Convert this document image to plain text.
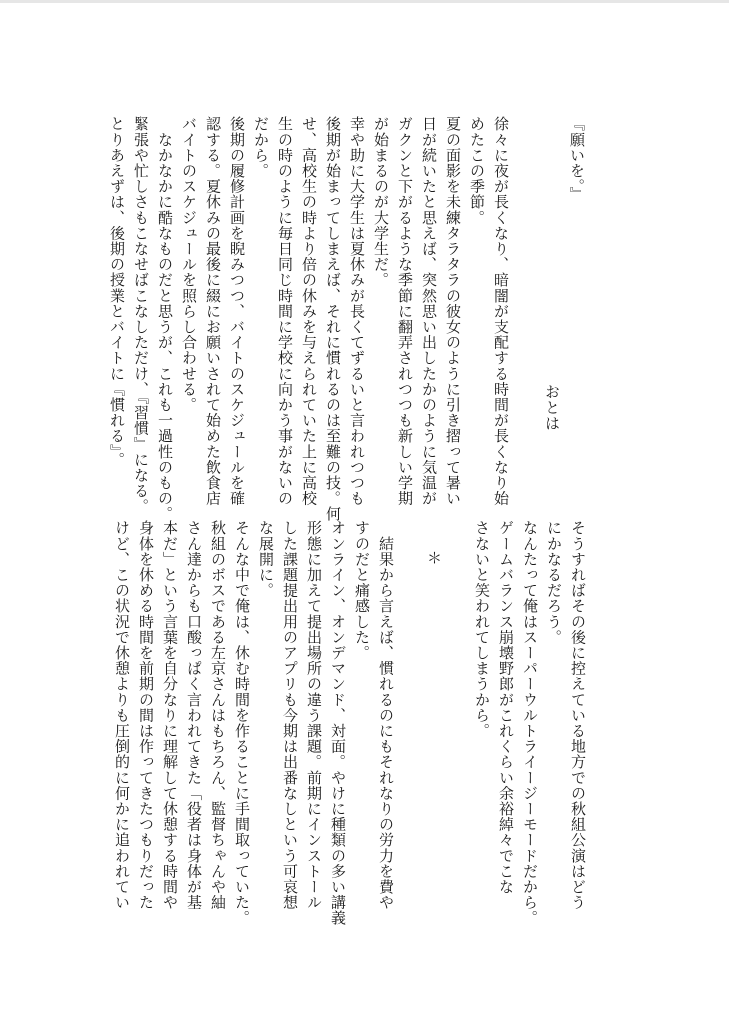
『願いを。』
おとは

徐々に夜が長くなり、暗闇が支配する時間が長くなり始

めたこの季節。

夏の面影を未練タラタラの彼女のように引き摺って暑い

日が続いたと思えば、突然思い出したかのように気温が

ガクンと下がるような季節に翻弄されつつも新しい学期

が始まるのが大学生だ。

幸や助に大学生は夏休みが長くてずるいと言われつつも

後期が始まってしまえば、それに慣れるのは至難の技。何

せ、高校生の時より倍の休みを与えられていた上に高校

生の時のように毎日同じ時間に学校に向かう事がないの

だから。

後期の履修計画を睨みつつ、バイトのスケジュールを確

認する。夏休みの最後に綴にお願いされて始めた飲食店

バイトのスケジュールを照らし合わせる。

　なかなかに酷なものだと思うが、これも一過性のもの。

緊張や忙しさもこなせばこなしただけ、『習慣』になる。

とりあえずは、後期の授業とバイトに『慣れる』。

そうすればその後に控えている地方での秋組公演はどう

にかなるだろう。

なんたって俺はスーパーウルトライージーモードだから。

ゲームバランス崩壊野郎がこれくらい余裕綽々でこな

さないと笑われてしまうから。

　　＊

　結果から言えば、慣れるのにもそれなりの労力を費や

すのだと痛感した。

オンライン、オンデマンド、対面。やけに種類の多い講義

形態に加えて提出場所の違う課題。前期にインストール

した課題提出用のアプリも今期は出番なしという可哀想

な展開に。

そんな中で俺は、休む時間を作ることに手間取っていた。

秋組のボスである左京さんはもちろん、監督ちゃんや紬

さん達からも口酸っぱく言われてきた「役者は身体が基

本だ」という言葉を自分なりに理解して休憩する時間や

身体を休める時間を前期の間は作ってきたつもりだった

けど、この状況で休憩よりも圧倒的に何かに追われてい
